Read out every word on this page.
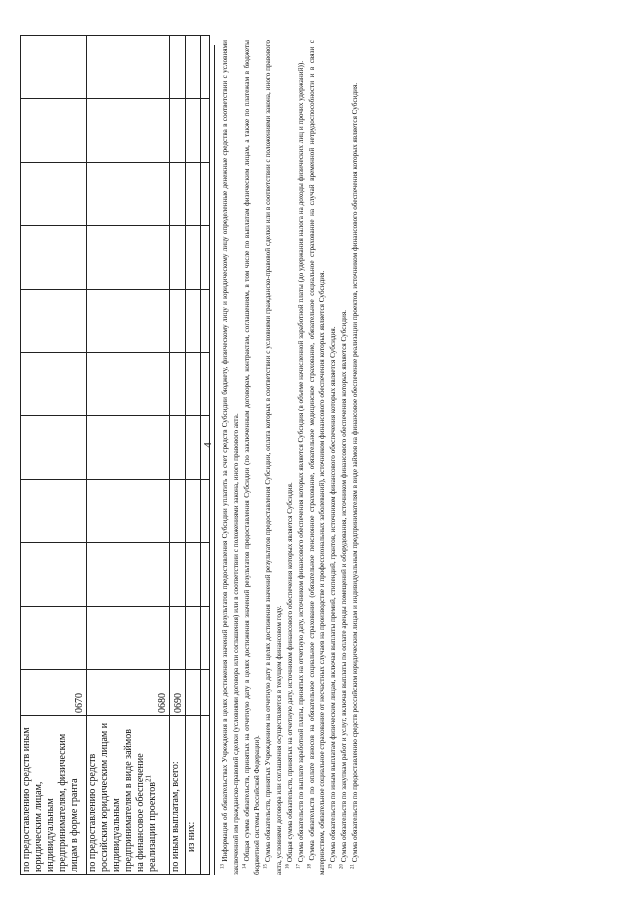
4
по предоставлению средств иным юридическим лицам, индивидуальным предпринимателям, физическим лицам в форме гранта	0670										
по предоставлению средств российским юридическим лицам и индивидуальным предпринимателям в виде займов на финансовое обеспечение реализации проектов$^{21}$	0680										
по иным выплатам, всего:	0690										
из них:											

$^{13}$ Информация об обязательствах Учреждения в целях достижения значений результатов предоставления Субсидии уплатить за счет средств Субсидии бюджету, физическому лицу и юридическому лицу определенные денежные средства в соответствии с условиями заключенной им гражданско-правовой сделки (условиями договора или соглашения) или в соответствии с положениями закона, иного правового акта. $^{14}$ Общая сумма обязательств, принятых на отчетную дату в целях достижения значений результатов предоставления Субсидии (по заключенным договорам, контрактам, соглашениям, в том числе по выплатам физическим лицам, а также по платежам в бюджеты бюджетной системы Российской Федерации). $^{15}$ Сумма обязательств, принятых Учреждением на отчетную дату в целях достижения значений результатов предоставления Субсидии, оплата которых в соответствии с условиями гражданско-правовой сделки или в соответствии с положениями закона, иного правового акта, условиями договора или соглашения осуществляется в текущем финансовом году. $^{16}$ Общая сумма обязательств, принятых на отчетную дату, источником финансового обеспечения которых является Субсидия.

$^{17}$ Сумма обязательств по выплате заработной платы, принятых на отчетную дату, источником финансового обеспечения которых является Субсидия (в объеме начисленной заработной платы (до удержания налога на доходы физических лиц и прочих удержаний)).

$^{18}$ Сумма обязательств по оплате взносов на обязательное социальное страхование (обязательное пенсионное страхование, обязательное медицинское страхование, обязательное социальное страхование на случай временной нетрудоспособности и в связи с материнством, обязательное социальное страхование от несчастных случаев на производстве и профессиональных заболеваний), источником финансового обеспечения которых является Субсидия. $^{19}$ Сумма обязательств по иным выплатам физическим лицам, включая выплаты премий, стипендий, грантов, источником финансового обеспечения которых является Субсидия.

$^{20}$ Сумма обязательств по закупкам работ и услуг, включая выплаты по оплате аренды помещений и оборудования, источником финансового обеспечения которых является Субсидия.

$^{21}$ Сумма обязательств по предоставлению средств российским юридическим лицам и индивидуальным предпринимателям в виде займов на финансовое обеспечение реализации проектов, источником финансового обеспечения которых является Субсидия.
